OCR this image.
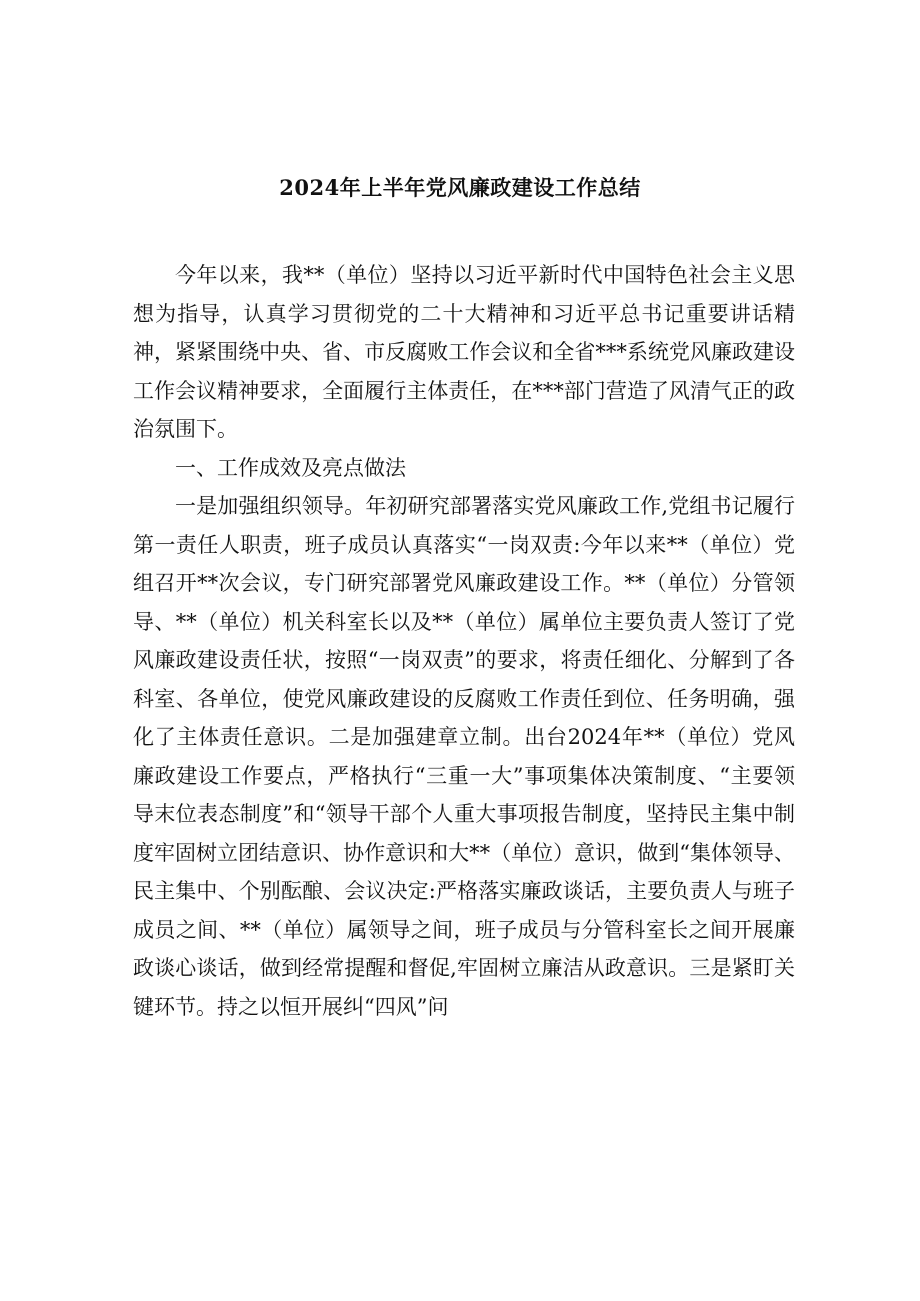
2024年上半年党风廉政建设工作总结

今年以来，我**（单位）坚持以习近平新时代中国特色社会主义思想为指导，认真学习贯彻党的二十大精神和习近平总书记重要讲话精神，紧紧围绕中央、省、市反腐败工作会议和全省***系统党风廉政建设工作会议精神要求，全面履行主体责任，在***部门营造了风清气正的政治氛围下。

一、工作成效及亮点做法

一是加强组织领导。年初研究部署落实党风廉政工作,党组书记履行第一责任人职责，班子成员认真落实“一岗双责:今年以来**（单位）党组召开**次会议，专门研究部署党风廉政建设工作。**（单位）分管领导、**（单位）机关科室长以及**（单位）属单位主要负责人签订了党风廉政建设责任状，按照“一岗双责”的要求，将责任细化、分解到了各科室、各单位，使党风廉政建设的反腐败工作责任到位、任务明确，强化了主体责任意识。二是加强建章立制。出台2024年**（单位）党风廉政建设工作要点，严格执行“三重一大”事项集体决策制度、“主要领导末位表态制度”和“领导干部个人重大事项报告制度，坚持民主集中制度牢固树立团结意识、协作意识和大**（单位）意识，做到“集体领导、民主集中、个别酝酿、会议决定:严格落实廉政谈话，主要负责人与班子成员之间、**（单位）属领导之间，班子成员与分管科室长之间开展廉政谈心谈话，做到经常提醒和督促,牢固树立廉洁从政意识。三是紧盯关键环节。持之以恒开展纠“四风”问
